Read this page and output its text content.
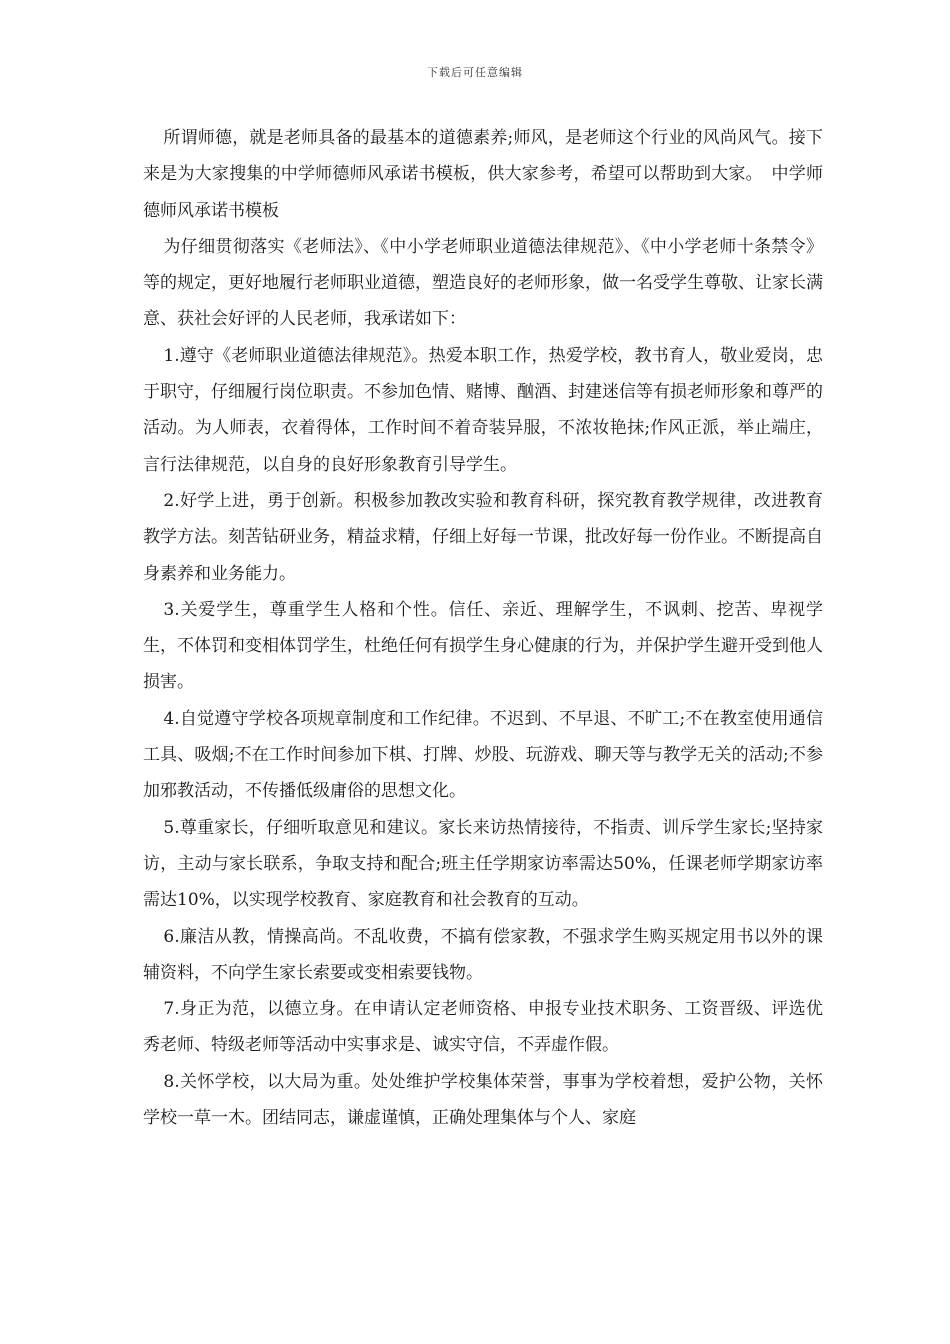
下载后可任意编辑

所谓师德，就是老师具备的最基本的道德素养;师风，是老师这个行业的风尚风气。接下来是为大家搜集的中学师德师风承诺书模板，供大家参考，希望可以帮助到大家。　中学师德师风承诺书模板

为仔细贯彻落实《老师法》、《中小学老师职业道德法律规范》、《中小学老师十条禁令》等的规定，更好地履行老师职业道德，塑造良好的老师形象，做一名受学生尊敬、让家长满意、获社会好评的人民老师，我承诺如下：

1.遵守《老师职业道德法律规范》。热爱本职工作，热爱学校，教书育人，敬业爱岗，忠于职守，仔细履行岗位职责。不参加色情、赌博、酗酒、封建迷信等有损老师形象和尊严的活动。为人师表，衣着得体，工作时间不着奇装异服，不浓妆艳抹;作风正派，举止端庄，言行法律规范，以自身的良好形象教育引导学生。

2.好学上进，勇于创新。积极参加教改实验和教育科研，探究教育教学规律，改进教育教学方法。刻苦钻研业务，精益求精，仔细上好每一节课，批改好每一份作业。不断提高自身素养和业务能力。

3.关爱学生，尊重学生人格和个性。信任、亲近、理解学生，不讽刺、挖苦、卑视学生，不体罚和变相体罚学生，杜绝任何有损学生身心健康的行为，并保护学生避开受到他人损害。

4.自觉遵守学校各项规章制度和工作纪律。不迟到、不早退、不旷工;不在教室使用通信工具、吸烟;不在工作时间参加下棋、打牌、炒股、玩游戏、聊天等与教学无关的活动;不参加邪教活动，不传播低级庸俗的思想文化。

5.尊重家长，仔细听取意见和建议。家长来访热情接待，不指责、训斥学生家长;坚持家访，主动与家长联系，争取支持和配合;班主任学期家访率需达50%，任课老师学期家访率需达10%，以实现学校教育、家庭教育和社会教育的互动。

6.廉洁从教，情操高尚。不乱收费，不搞有偿家教，不强求学生购买规定用书以外的课辅资料，不向学生家长索要或变相索要钱物。

7.身正为范，以德立身。在申请认定老师资格、申报专业技术职务、工资晋级、评选优秀老师、特级老师等活动中实事求是、诚实守信，不弄虚作假。

8.关怀学校，以大局为重。处处维护学校集体荣誉，事事为学校着想，爱护公物，关怀学校一草一木。团结同志，谦虚谨慎，正确处理集体与个人、家庭
